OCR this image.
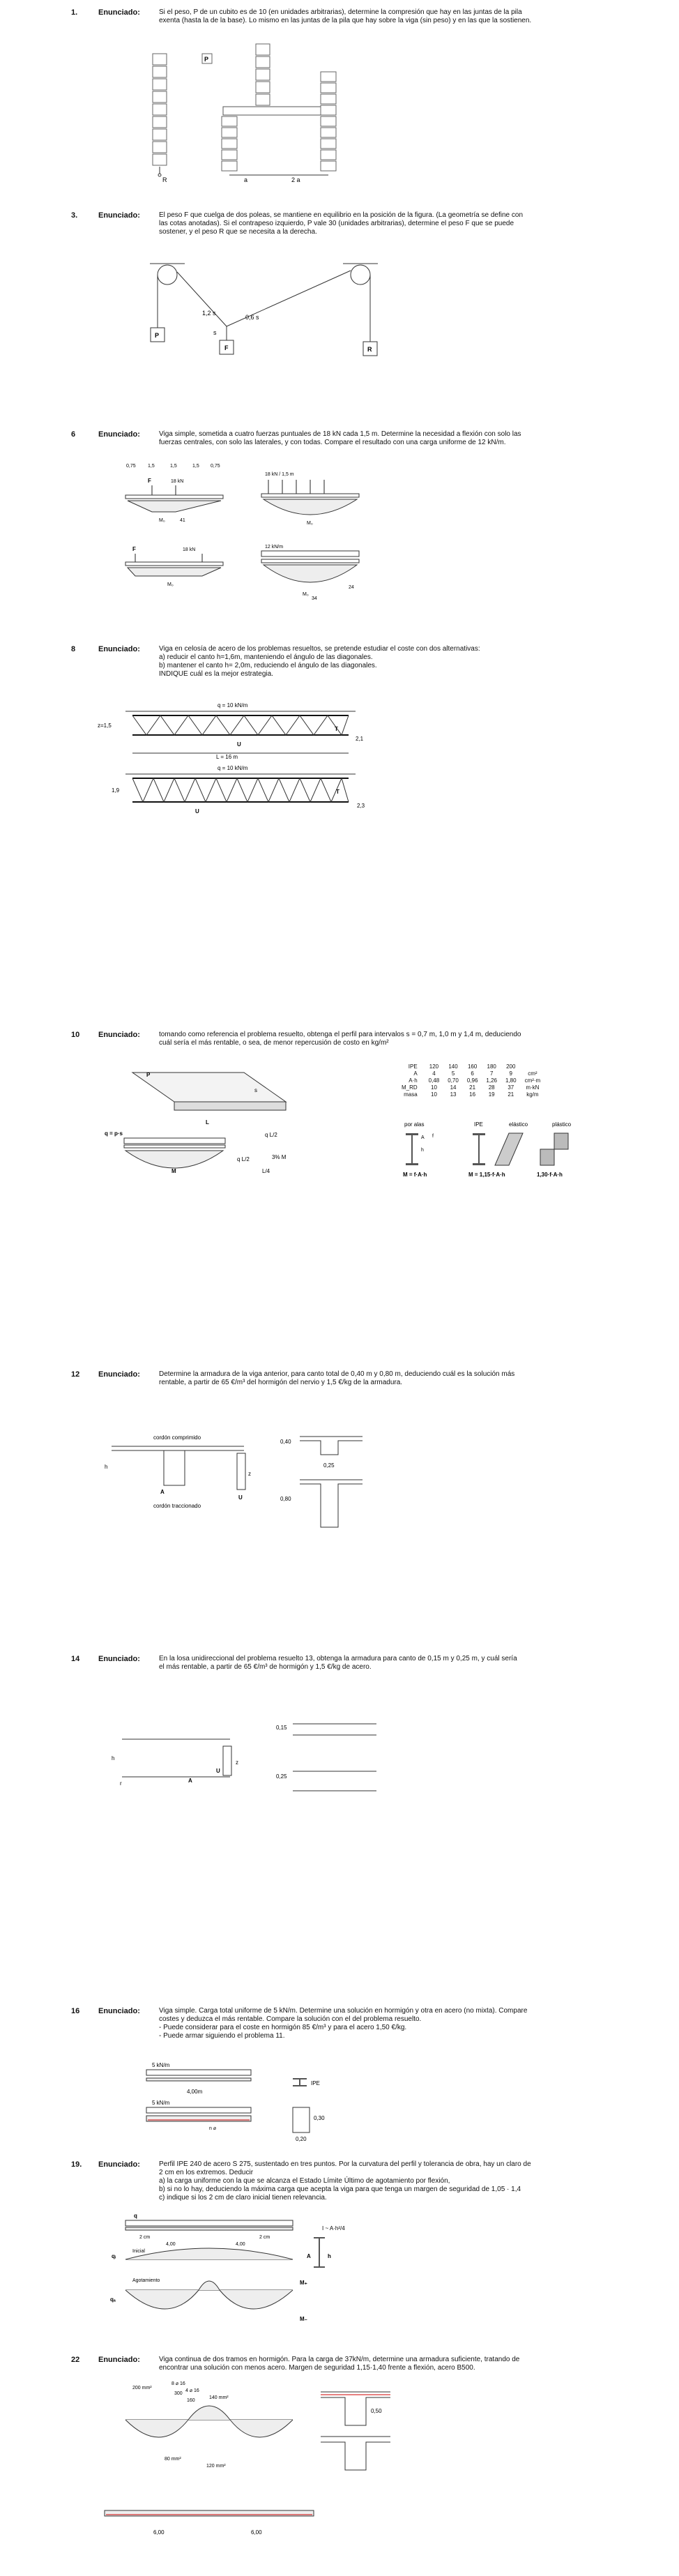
1.	Enunciado:	Si el peso, P de un cubito es de 10 (en unidades arbitrarias), determine la compresión que hay en las juntas de la pila
exenta (hasta la de la base). Lo mismo en las juntas de la pila que hay sobre la viga (sin peso) y en las que la sostienen.
P
R	a	2 a
3.	Enunciado:	El peso F que cuelga de dos poleas, se mantiene en equilibrio en la posición de la figura. (La geometría se define con
las cotas anotadas). Si el contrapeso izquierdo, P vale 30 (unidades arbitrarias), determine el peso F que se puede
sostener, y el peso R que se necesita a la derecha.
P
F	R
1,2 s
0,6 s
s
6	Enunciado:	Viga simple, sometida a cuatro fuerzas puntuales de 18 kN cada 1,5 m. Determine la necesidad a flexión con solo las
fuerzas centrales, con solo las laterales, y con todas. Compare el resultado con una carga uniforme de 12 kN/m.
0,75 1,5	1,5	1,5 0,75
F	18 kN
M₀	41
18 kN / 1,5 m
M₀
F	18 kN
M₀
12 kN/m
M₀
34
24
8	Enunciado:	Viga en celosía de acero de los problemas resueltos, se pretende estudiar el coste con dos alternativas:
a) reducir el canto h=1,6m, manteniendo el ángulo de las diagonales.
b) mantener el canto h= 2,0m, reduciendo el ángulo de las diagonales.
INDIQUE cuál es la mejor estrategia.
q = 10 kN/m
z=1,5
U
T
2,1
L = 16 m
q = 10 kN/m
1,9
U
T
2,3
10 Enunciado:	tomando como referencia el problema resuelto, obtenga el perfil para intervalos s = 0,7 m, 1,0 m y 1,4 m, deduciendo
cuál sería el más rentable, o sea, de menor repercusión de costo en kg/m²
P
s
L
q = p·s
M
q L/2
q L/2
L/4
3% M
IPE	120	140	160	180	200	
A	4	5	6	7	9	cm²
A·h	0,48	0,70	0,96	1,26	1,80	cm²·m
M_RD	10	14	21	28	37	m·kN
masa	10	13	16	19	21	kg/m
por alas	IPE	elástico	plástico
A
h
f
M = f·A·h	M = 1,15·f·A·h	1,30·f·A·h
12 Enunciado:	Determine la armadura de la viga anterior, para canto total de 0,40 m y 0,80 m, deduciendo cuál es la solución más
rentable, a partir de 65 €/m³ del hormigón del nervio y 1,5 €/kg de la armadura.
cordón comprimido
h
A
cordón traccionado
z
U
0,40
0,25
0,80
14 Enunciado:	En la losa unidireccional del problema resuelto 13, obtenga la armadura para canto de 0,15 m y 0,25 m, y cuál sería
el más rentable, a partir de 65 €/m³ de hormigón y 1,5 €/kg de acero.
h
r	A
U
z
0,15
0,25
16 Enunciado:	Viga simple. Carga total uniforme de 5 kN/m. Determine una solución en hormigón y otra en acero (no mixta). Compare
costes y deduzca el más rentable. Compare la solución con el del problema resuelto.
- Puede considerar para el coste en hormigón 85 €/m³ y para el acero 1,50 €/kg.
- Puede armar siguiendo el problema 11.
5 kN/m
4,00m
5 kN/m
n ⌀
IPE
0,30
0,20
19. Enunciado:	Perfil IPE 240 de acero S 275, sustentado en tres puntos. Por la curvatura del perfil y tolerancia de obra, hay un claro de
2 cm en los extremos. Deducir
a) la carga uniforme con la que se alcanza el Estado Límite Último de agotamiento por flexión,
b) si no lo hay, deduciendo la máxima carga que acepta la viga para que tenga un margen de seguridad de 1,05 · 1,4
c) indique si los 2 cm de claro inicial tienen relevancia.
q
2 cm	2 cm
4,00	4,00
qᵢ
Inicial
qₐ
Agotamiento	M₊
M₋
I ~ A·h²/4
A	h
22 Enunciado:	Viga continua de dos tramos en hormigón. Para la carga de 37kN/m, determine una armadura suficiente, tratando de
encontrar una solución con menos acero. Margen de seguridad 1,15·1,40 frente a flexión, acero B500.
8 ⌀ 16
4 ⌀ 16
200 mm²
300
160
140 mm²
80 mm²
120 mm²
0,50
6,00	6,00
